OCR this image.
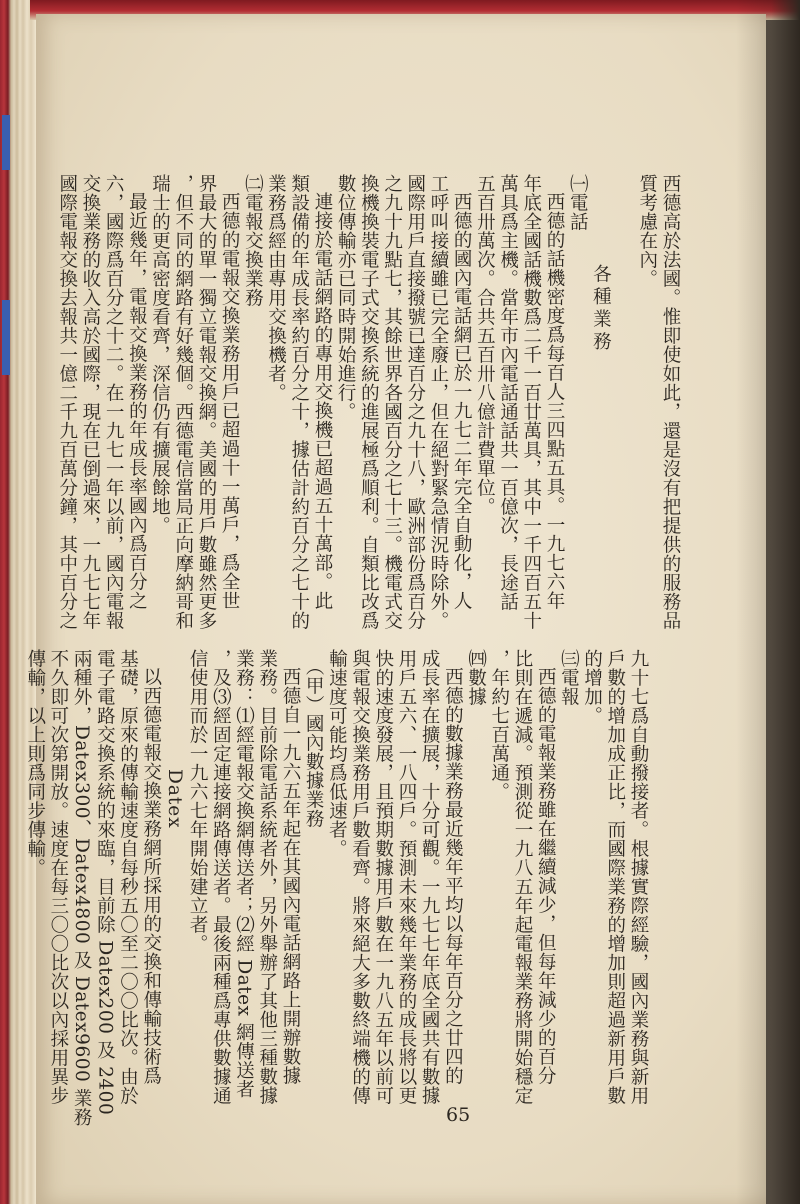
西德高於法國。惟即使如此，還是沒有把提供的服務品
質考慮在內。
各種業務
㈠電話
西德的話機密度爲每百人三四點五具。一九七六年
年底全國話機數爲二千一百廿萬具，其中一千四百五十
萬具爲主機。當年市內電話通話共一百億次，長途話
五百卅萬次。合共五百卅八億計費單位。
西德的國內電話網已於一九七二年完全自動化，人
工呼叫接續雖已完全廢止，但在絕對緊急情況時除外。
國際用戶直接撥號已達百分之九十八，歐洲部份爲百分
之九十九點七，其餘世界各國百分之七十三。機電式交
換機換裝電子式交換系統的進展極爲順利。自類比改爲
數位傳輸亦已同時開始進行。
連接於電話網路的專用交換機已超過五十萬部。此
類設備的年成長率約百分之十，據估計約百分之七十的
業務爲經由專用交換機者。
㈡電報交換業務
西德的電報交換業務用戶已超過十一萬戶，爲全世
界最大的單一獨立電報交換網。美國的用戶數雖然更多
，但不同的網路有好幾個。西德電信當局正向摩納哥和
瑞士的更高密度看齊，深信仍有擴展餘地。
最近幾年，電報交換業務的年成長率國內爲百分之
六，國際爲百分之十二。在一九七一年以前，國內電報
交換業務的收入高於國際，現在已倒過來，一九七七年
國際電報交換去報共一億二千九百萬分鐘，其中百分之
九十七爲自動撥接者。根據實際經驗，國內業務與新用
戶數的增加成正比，而國際業務的增加則超過新用戶數
的增加。
㈢電報
西德的電報業務雖在繼續減少，但每年減少的百分
比則在遞減。預測從一九八五年起電報業務將開始穩定
，年約七百萬通。
㈣數據
西德的數據業務最近幾年平均以每年百分之廿四的
成長率在擴展，十分可觀。一九七七年底全國共有數據
用戶五六、一八四戶。預測未來幾年業務的成長將以更
快的速度發展，且預期數據用戶數在一九八五年以前可
與電報交換業務用戶數看齊。將來絕大多數終端機的傳
輸速度可能均爲低速者。
（甲）國內數據業務
西德自一九六五年起在其國內電話網路上開辦數據
業務。目前除電話系統者外，另外舉辦了其他三種數據
業務：⑴經電報交換網傳送者；⑵經 Datex 網傳送者
，及⑶經固定連接網路傳送者。最後兩種爲專供數據通
信使用而於一九六七年開始建立者。
Datex
以西德電報交換業務網所採用的交換和傳輸技術爲
基礎，原來的傳輸速度自每秒五〇至二〇〇比次。由於
電子電路交換系統的來臨，目前除 Datex200 及 2400
兩種外，Datex300、Datex4800 及 Datex9600 業務
不久即可次第開放。速度在每三〇〇比次以內採用異步
傳輸，以上則爲同步傳輸。
65
